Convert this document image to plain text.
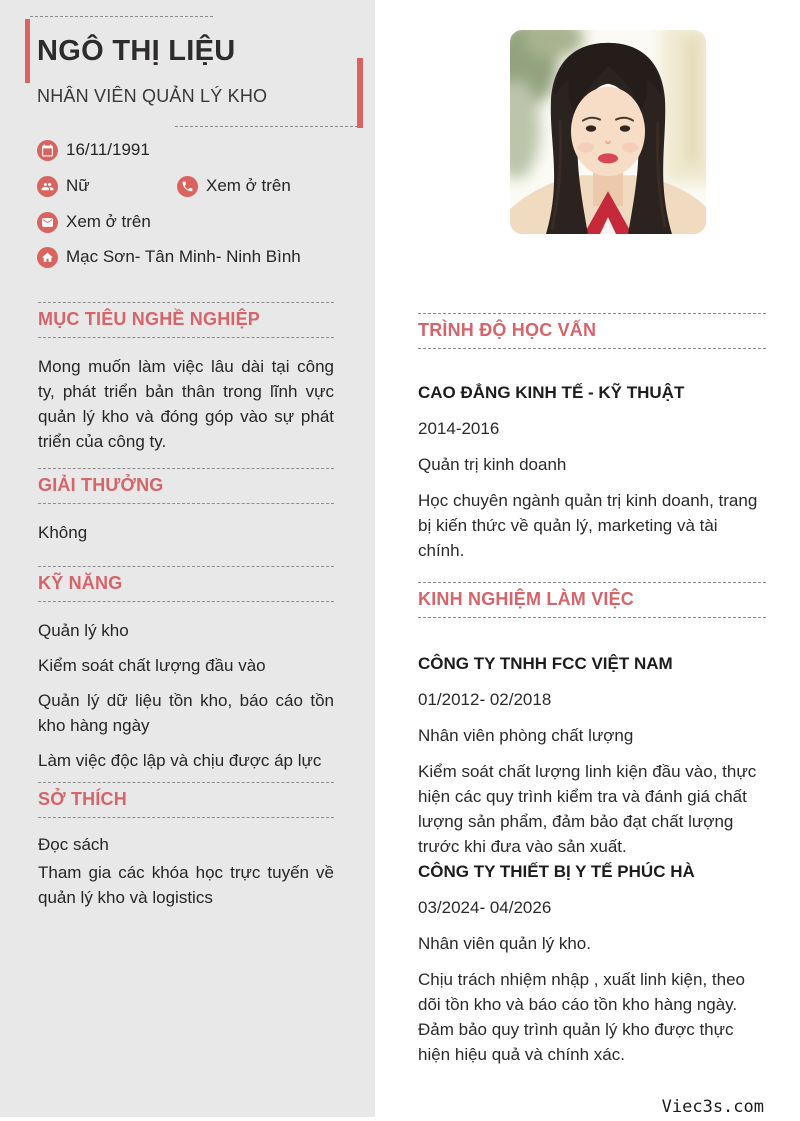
NGÔ THỊ LIỆU
NHÂN VIÊN QUẢN LÝ KHO
16/11/1991
Nữ	Xem ở trên
Xem ở trên
Mạc Sơn- Tân Minh- Ninh Bình
MỤC TIÊU NGHỀ NGHIỆP
Mong muốn làm việc lâu dài tại công ty, phát triển bản thân trong lĩnh vực quản lý kho và đóng góp vào sự phát triển của công ty.
GIẢI THƯỞNG
Không
KỸ NĂNG
Quản lý kho
Kiểm soát chất lượng đầu vào
Quản lý dữ liệu tồn kho, báo cáo tồn kho hàng ngày
Làm việc độc lập và chịu được áp lực
SỞ THÍCH
Đọc sách
Tham gia các khóa học trực tuyến về quản lý kho và logistics
TRÌNH ĐỘ HỌC VẤN
CAO ĐẲNG KINH TẾ - KỸ THUẬT
2014-2016
Quản trị kinh doanh
Học chuyên ngành quản trị kinh doanh, trang bị kiến thức về quản lý, marketing và tài chính.
KINH NGHIỆM LÀM VIỆC
CÔNG TY TNHH FCC VIỆT NAM
01/2012- 02/2018
Nhân viên phòng chất lượng
Kiểm soát chất lượng linh kiện đầu vào, thực hiện các quy trình kiểm tra và đánh giá chất lượng sản phẩm, đảm bảo đạt chất lượng trước khi đưa vào sản xuất.
CÔNG TY THIẾT BỊ Y TẾ PHÚC HÀ
03/2024- 04/2026
Nhân viên quản lý kho.
Chịu trách nhiệm nhập , xuất linh kiện, theo dõi tồn kho và báo cáo tồn kho hàng ngày. Đảm bảo quy trình quản lý kho được thực hiện hiệu quả và chính xác.
Viec3s.com
